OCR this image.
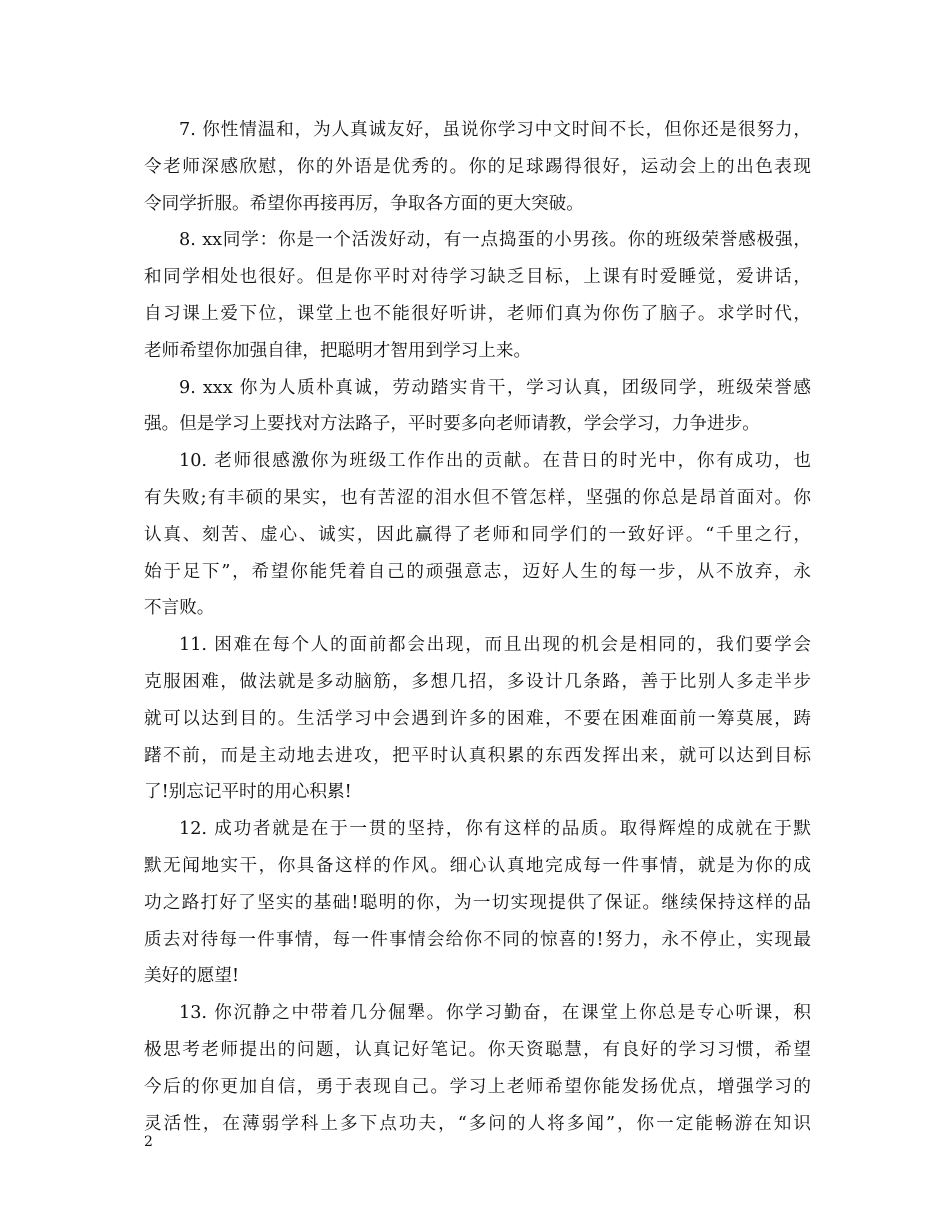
7. 你性情温和，为人真诚友好，虽说你学习中文时间不长，但你还是很努力，
令老师深感欣慰，你的外语是优秀的。你的足球踢得很好，运动会上的出色表现
令同学折服。希望你再接再厉，争取各方面的更大突破。
8. xx同学：你是一个活泼好动，有一点捣蛋的小男孩。你的班级荣誉感极强，
和同学相处也很好。但是你平时对待学习缺乏目标，上课有时爱睡觉，爱讲话，
自习课上爱下位，课堂上也不能很好听讲，老师们真为你伤了脑子。求学时代，
老师希望你加强自律，把聪明才智用到学习上来。
9. xxx 你为人质朴真诚，劳动踏实肯干，学习认真，团级同学，班级荣誉感
强。但是学习上要找对方法路子，平时要多向老师请教，学会学习，力争进步。
10. 老师很感激你为班级工作作出的贡献。在昔日的时光中，你有成功，也
有失败;有丰硕的果实，也有苦涩的泪水但不管怎样，坚强的你总是昂首面对。你
认真、刻苦、虚心、诚实，因此赢得了老师和同学们的一致好评。“千里之行，
始于足下”，希望你能凭着自己的顽强意志，迈好人生的每一步，从不放弃，永
不言败。
11. 困难在每个人的面前都会出现，而且出现的机会是相同的，我们要学会
克服困难，做法就是多动脑筋，多想几招，多设计几条路，善于比别人多走半步
就可以达到目的。生活学习中会遇到许多的困难，不要在困难面前一筹莫展，踌
躇不前，而是主动地去进攻，把平时认真积累的东西发挥出来，就可以达到目标
了!别忘记平时的用心积累!
12. 成功者就是在于一贯的坚持，你有这样的品质。取得辉煌的成就在于默
默无闻地实干，你具备这样的作风。细心认真地完成每一件事情，就是为你的成
功之路打好了坚实的基础!聪明的你，为一切实现提供了保证。继续保持这样的品
质去对待每一件事情，每一件事情会给你不同的惊喜的!努力，永不停止，实现最
美好的愿望!
13. 你沉静之中带着几分倔犟。你学习勤奋，在课堂上你总是专心听课，积
极思考老师提出的问题，认真记好笔记。你天资聪慧，有良好的学习习惯，希望
今后的你更加自信，勇于表现自己。学习上老师希望你能发扬优点，增强学习的
灵活性，在薄弱学科上多下点功夫，“多问的人将多闻”，你一定能畅游在知识
2
